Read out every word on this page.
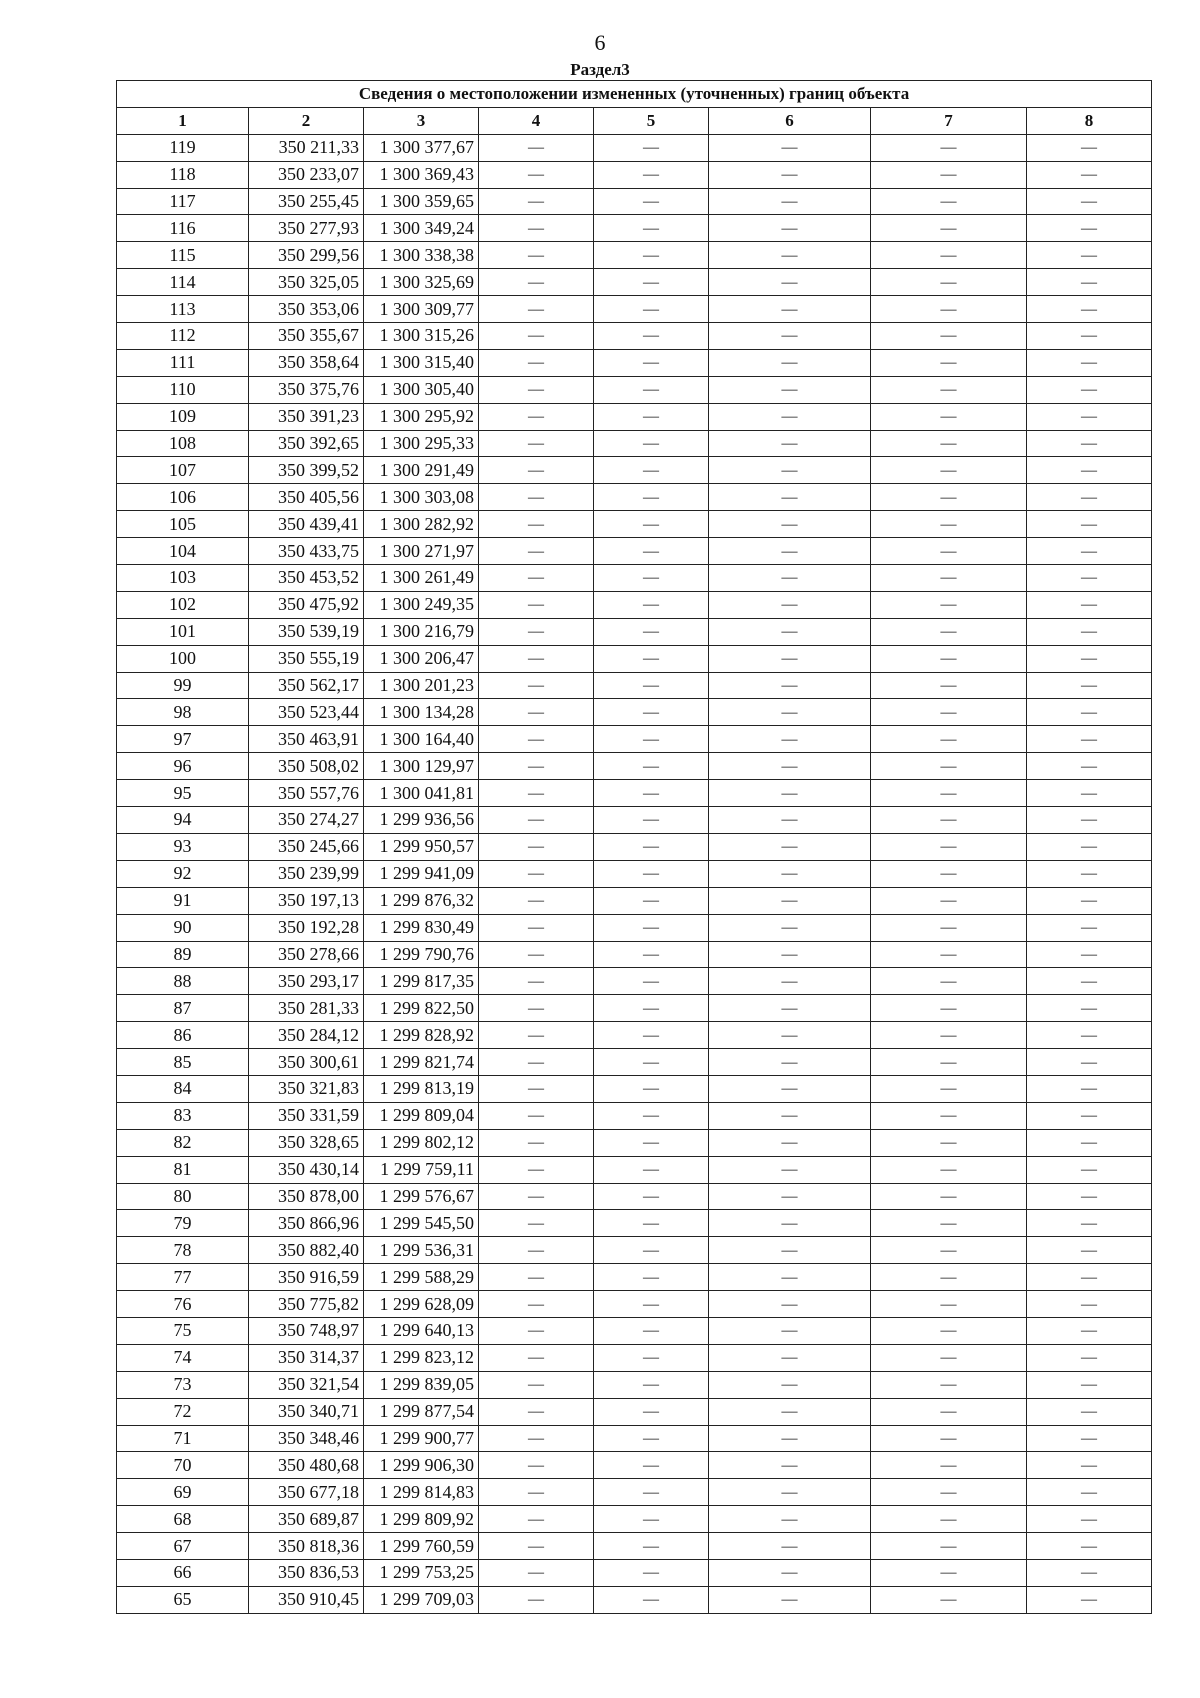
6
Раздел3
Сведения о местоположении измененных (уточненных) границ объекта							
1	2	3	4	5	6	7	8
119	350 211,33	1 300 377,67	—	—	—	—	—
118	350 233,07	1 300 369,43	—	—	—	—	—
117	350 255,45	1 300 359,65	—	—	—	—	—
116	350 277,93	1 300 349,24	—	—	—	—	—
115	350 299,56	1 300 338,38	—	—	—	—	—
114	350 325,05	1 300 325,69	—	—	—	—	—
113	350 353,06	1 300 309,77	—	—	—	—	—
112	350 355,67	1 300 315,26	—	—	—	—	—
111	350 358,64	1 300 315,40	—	—	—	—	—
110	350 375,76	1 300 305,40	—	—	—	—	—
109	350 391,23	1 300 295,92	—	—	—	—	—
108	350 392,65	1 300 295,33	—	—	—	—	—
107	350 399,52	1 300 291,49	—	—	—	—	—
106	350 405,56	1 300 303,08	—	—	—	—	—
105	350 439,41	1 300 282,92	—	—	—	—	—
104	350 433,75	1 300 271,97	—	—	—	—	—
103	350 453,52	1 300 261,49	—	—	—	—	—
102	350 475,92	1 300 249,35	—	—	—	—	—
101	350 539,19	1 300 216,79	—	—	—	—	—
100	350 555,19	1 300 206,47	—	—	—	—	—
99	350 562,17	1 300 201,23	—	—	—	—	—
98	350 523,44	1 300 134,28	—	—	—	—	—
97	350 463,91	1 300 164,40	—	—	—	—	—
96	350 508,02	1 300 129,97	—	—	—	—	—
95	350 557,76	1 300 041,81	—	—	—	—	—
94	350 274,27	1 299 936,56	—	—	—	—	—
93	350 245,66	1 299 950,57	—	—	—	—	—
92	350 239,99	1 299 941,09	—	—	—	—	—
91	350 197,13	1 299 876,32	—	—	—	—	—
90	350 192,28	1 299 830,49	—	—	—	—	—
89	350 278,66	1 299 790,76	—	—	—	—	—
88	350 293,17	1 299 817,35	—	—	—	—	—
87	350 281,33	1 299 822,50	—	—	—	—	—
86	350 284,12	1 299 828,92	—	—	—	—	—
85	350 300,61	1 299 821,74	—	—	—	—	—
84	350 321,83	1 299 813,19	—	—	—	—	—
83	350 331,59	1 299 809,04	—	—	—	—	—
82	350 328,65	1 299 802,12	—	—	—	—	—
81	350 430,14	1 299 759,11	—	—	—	—	—
80	350 878,00	1 299 576,67	—	—	—	—	—
79	350 866,96	1 299 545,50	—	—	—	—	—
78	350 882,40	1 299 536,31	—	—	—	—	—
77	350 916,59	1 299 588,29	—	—	—	—	—
76	350 775,82	1 299 628,09	—	—	—	—	—
75	350 748,97	1 299 640,13	—	—	—	—	—
74	350 314,37	1 299 823,12	—	—	—	—	—
73	350 321,54	1 299 839,05	—	—	—	—	—
72	350 340,71	1 299 877,54	—	—	—	—	—
71	350 348,46	1 299 900,77	—	—	—	—	—
70	350 480,68	1 299 906,30	—	—	—	—	—
69	350 677,18	1 299 814,83	—	—	—	—	—
68	350 689,87	1 299 809,92	—	—	—	—	—
67	350 818,36	1 299 760,59	—	—	—	—	—
66	350 836,53	1 299 753,25	—	—	—	—	—
65	350 910,45	1 299 709,03	—	—	—	—	—
